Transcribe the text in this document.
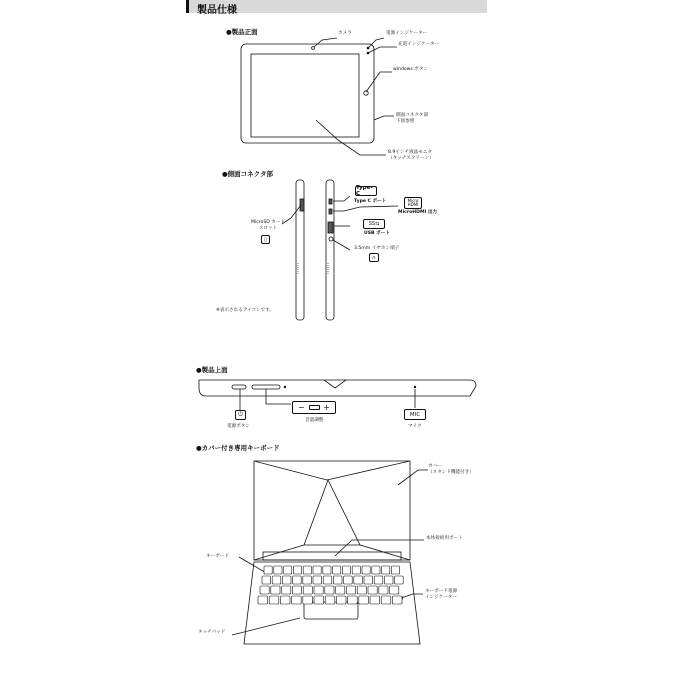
製品仕様
●製品正面	カメラ	電源インジケーター
充電インジケーター
windows ボタン
側面コネクタ部
下図参照
8.9インチ液晶モニタ
（タッチスクリーン）
●側面コネクタ部
MicroSD カード
スロット
▯
Type-C
Type C ポート	Micro
HDMI
MicroHDMI 出力
SS⇆
USB ポート
3.5mm イヤホン端子
∩
※表示されるアイコンです。
●製品上面
⏻
電源ボタン
− +
音量調整
MIC
マイク
●カバー付き専用キーボード
カバー
（スタンド機能付き）
本体接続用ポート
キーボード
キーボード電源
インジケーター
タッチパッド
